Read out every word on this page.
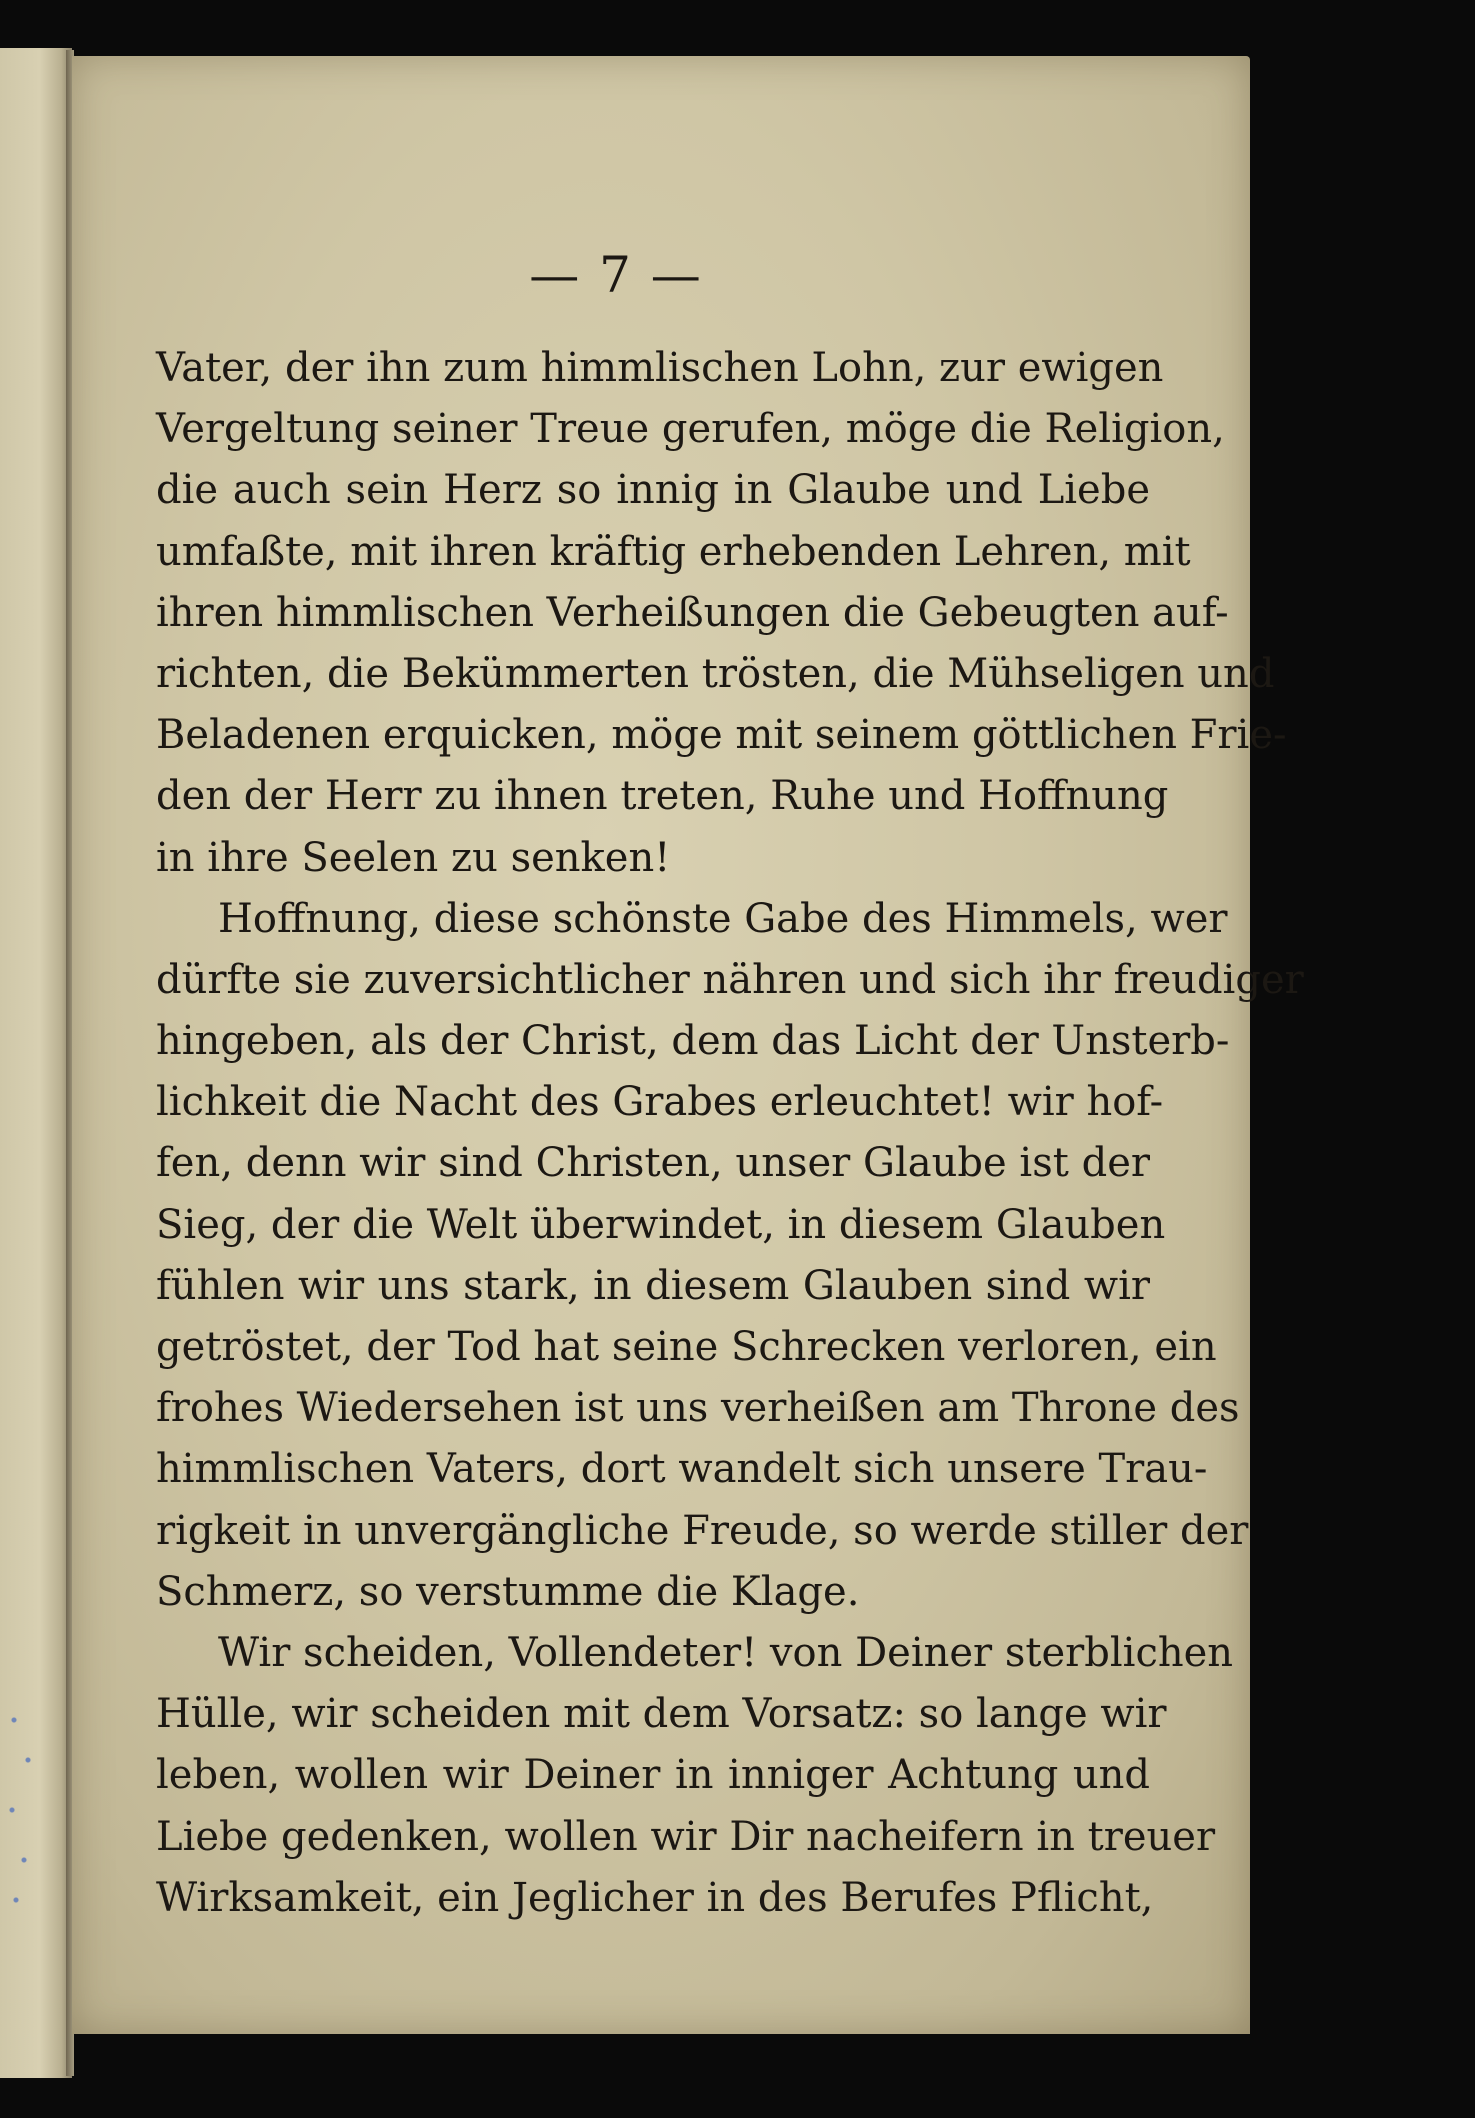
— 7 —
Vater, der ihn zum himmlischen Lohn, zur ewigen
Vergeltung seiner Treue gerufen, möge die Religion,
die auch sein Herz so innig in Glaube und Liebe
umfaßte, mit ihren kräftig erhebenden Lehren, mit
ihren himmlischen Verheißungen die Gebeugten auf-
richten, die Bekümmerten trösten, die Mühseligen und
Beladenen erquicken, möge mit seinem göttlichen Frie-
den der Herr zu ihnen treten, Ruhe und Hoffnung
in ihre Seelen zu senken!
Hoffnung, diese schönste Gabe des Himmels, wer
dürfte sie zuversichtlicher nähren und sich ihr freudiger
hingeben, als der Christ, dem das Licht der Unsterb-
lichkeit die Nacht des Grabes erleuchtet! wir hof-
fen, denn wir sind Christen, unser Glaube ist der
Sieg, der die Welt überwindet, in diesem Glauben
fühlen wir uns stark, in diesem Glauben sind wir
getröstet, der Tod hat seine Schrecken verloren, ein
frohes Wiedersehen ist uns verheißen am Throne des
himmlischen Vaters, dort wandelt sich unsere Trau-
rigkeit in unvergängliche Freude, so werde stiller der
Schmerz, so verstumme die Klage.
Wir scheiden, Vollendeter! von Deiner sterblichen
Hülle, wir scheiden mit dem Vorsatz: so lange wir
leben, wollen wir Deiner in inniger Achtung und
Liebe gedenken, wollen wir Dir nacheifern in treuer
Wirksamkeit, ein Jeglicher in des Berufes Pflicht,
